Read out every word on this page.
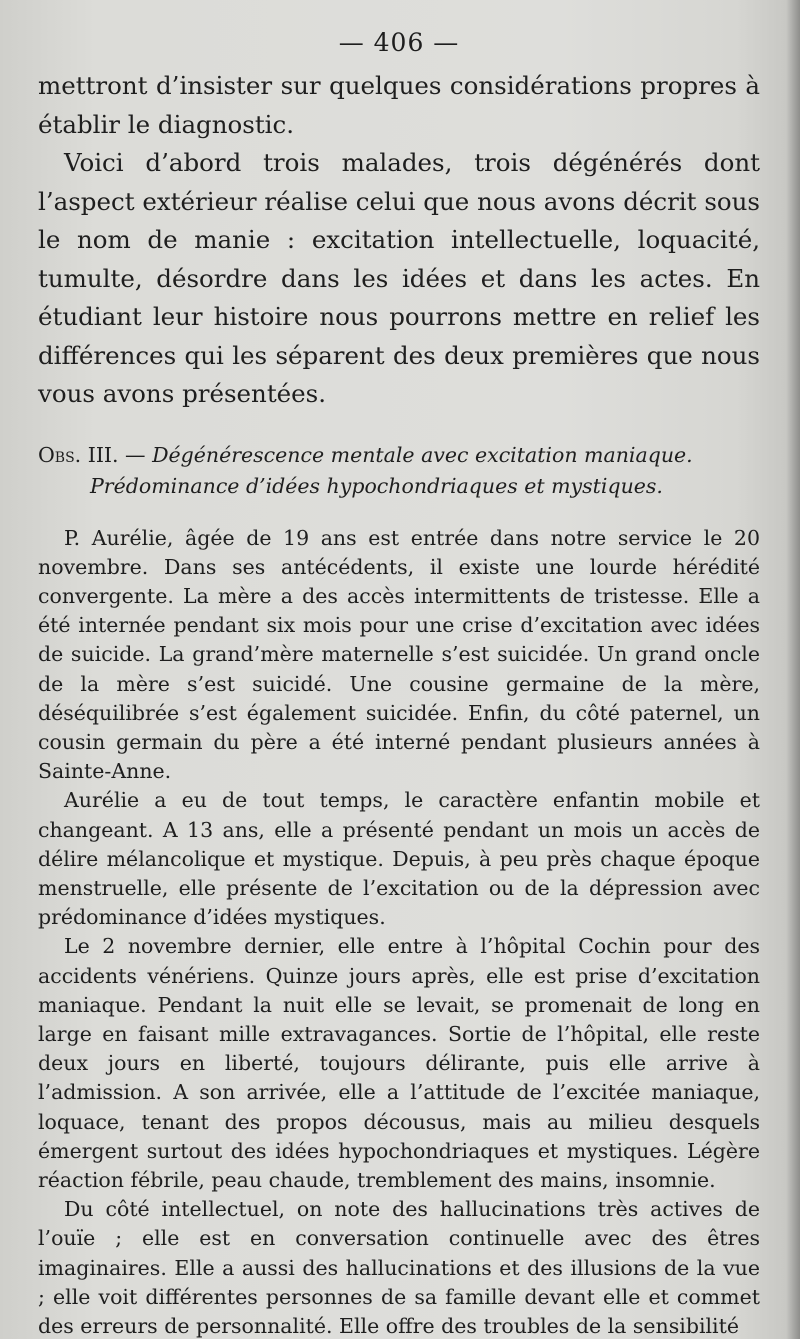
— 406 —

mettront d’insister sur quelques considérations propres à établir le diagnostic.

Voici d’abord trois malades, trois dégénérés dont l’aspect extérieur réalise celui que nous avons décrit sous le nom de manie : excitation intellectuelle, loquacité, tumulte, désordre dans les idées et dans les actes. En étudiant leur histoire nous pourrons mettre en relief les différences qui les séparent des deux premières que nous vous avons présentées.

Obs. III. — Dégénérescence mentale avec excitation maniaque.
Prédominance d’idées hypochondriaques et mystiques.

P. Aurélie, âgée de 19 ans est entrée dans notre service le 20 novembre. Dans ses antécédents, il existe une lourde hérédité convergente. La mère a des accès intermittents de tristesse. Elle a été internée pendant six mois pour une crise d’excitation avec idées de suicide. La grand’mère maternelle s’est suicidée. Un grand oncle de la mère s’est suicidé. Une cousine germaine de la mère, déséquilibrée s’est également suicidée. Enfin, du côté paternel, un cousin germain du père a été interné pendant plusieurs années à Sainte-Anne.

Aurélie a eu de tout temps, le caractère enfantin mobile et changeant. A 13 ans, elle a présenté pendant un mois un accès de délire mélancolique et mystique. Depuis, à peu près chaque époque menstruelle, elle présente de l’excitation ou de la dépression avec prédominance d’idées mystiques.

Le 2 novembre dernier, elle entre à l’hôpital Cochin pour des accidents vénériens. Quinze jours après, elle est prise d’excitation maniaque. Pendant la nuit elle se levait, se promenait de long en large en faisant mille extravagances. Sortie de l’hôpital, elle reste deux jours en liberté, toujours délirante, puis elle arrive à l’admission. A son arrivée, elle a l’attitude de l’excitée maniaque, loquace, tenant des propos décousus, mais au milieu desquels émergent surtout des idées hypochondriaques et mystiques. Légère réaction fébrile, peau chaude, tremblement des mains, insomnie.

Du côté intellectuel, on note des hallucinations très actives de l’ouïe ; elle est en conversation continuelle avec des êtres imaginaires. Elle a aussi des hallucinations et des illusions de la vue ; elle voit différentes personnes de sa famille devant elle et commet des erreurs de personnalité. Elle offre des troubles de la sensibilité
